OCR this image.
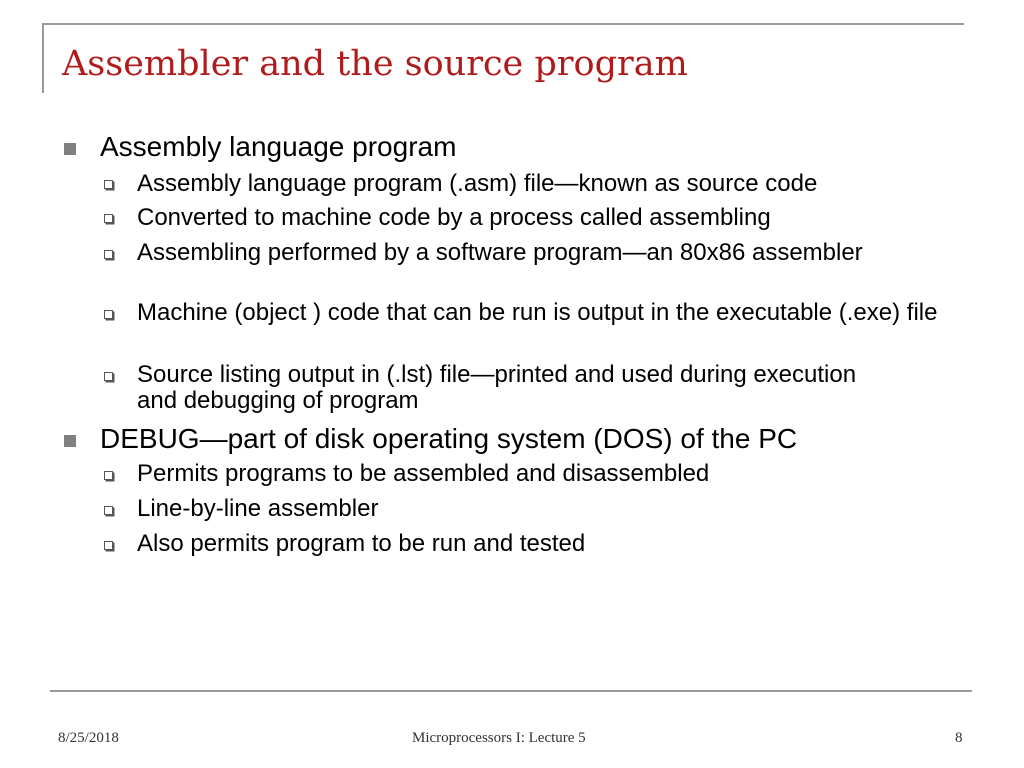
Assembler and the source program
Assembly language program
Assembly language program (.asm) file—known as source code
Converted to machine code by a process called assembling
Assembling performed by a software program—an 80x86 assembler
Machine (object ) code that can be run is output in the executable (.exe) file
Source listing output in (.lst) file—printed and used during execution and debugging of program
DEBUG—part of disk operating system (DOS) of the PC
Permits programs to be assembled and disassembled
Line-by-line assembler
Also permits program to be run and tested
8/25/2018	Microprocessors I: Lecture 5	8
